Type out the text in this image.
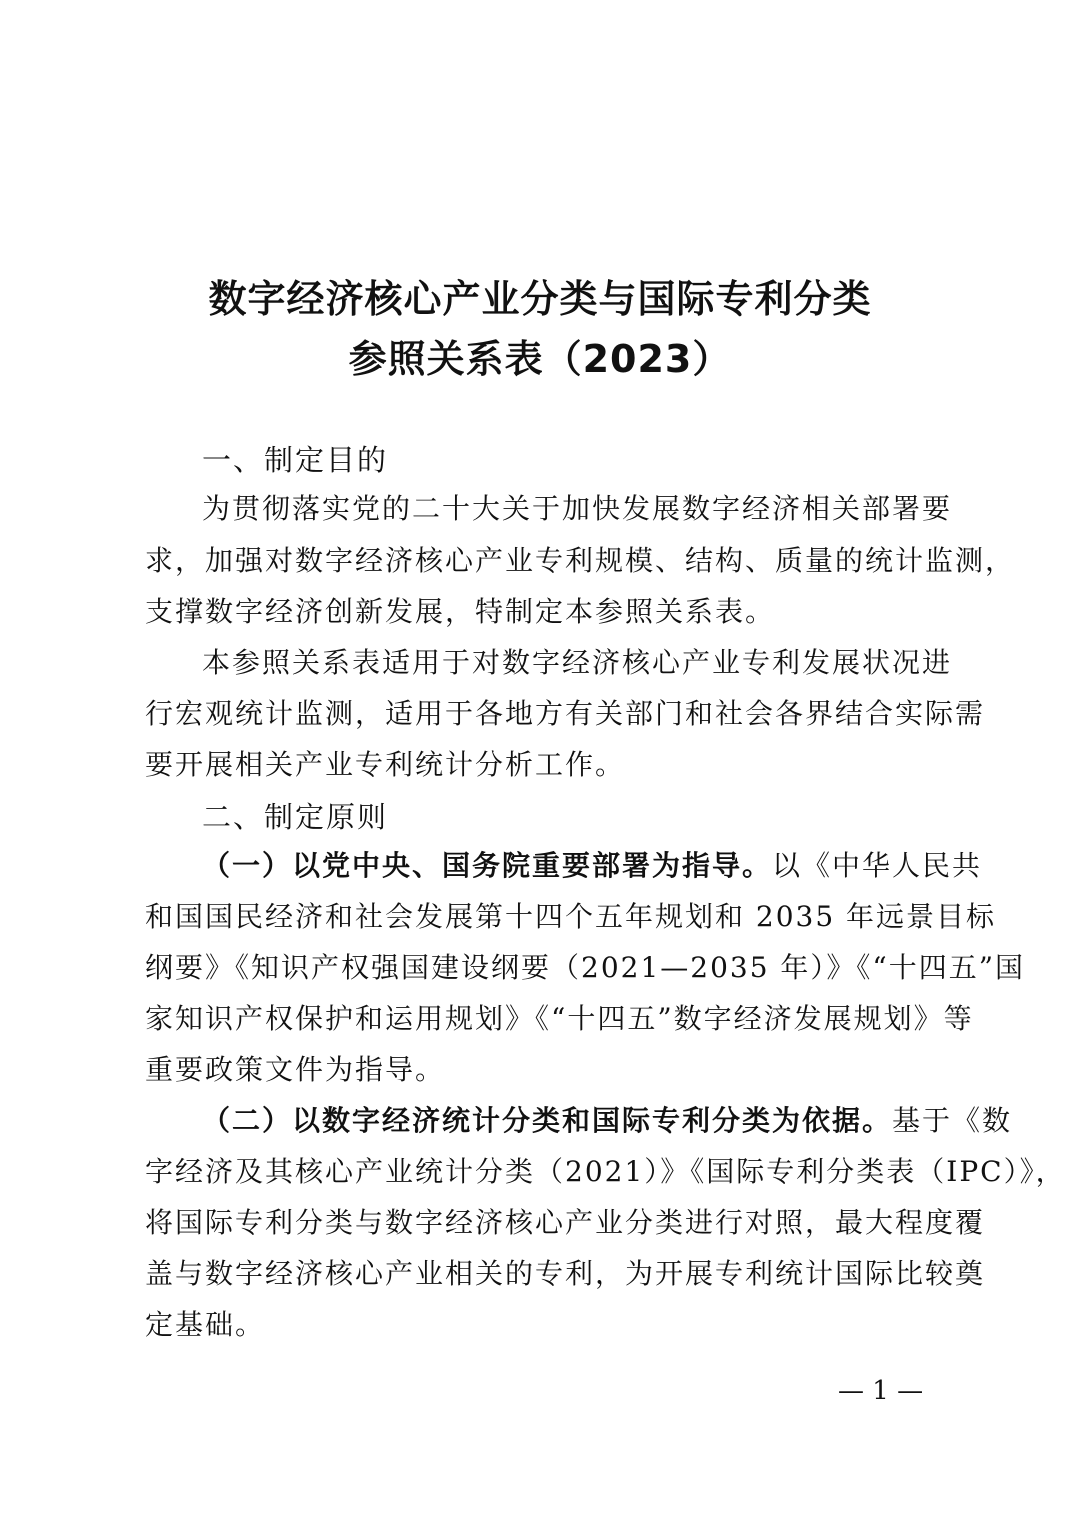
数字经济核心产业分类与国际专利分类
参照关系表（2023）
一、制定目的
为贯彻落实党的二十大关于加快发展数字经济相关部署要
求，加强对数字经济核心产业专利规模、结构、质量的统计监测，
支撑数字经济创新发展，特制定本参照关系表。
本参照关系表适用于对数字经济核心产业专利发展状况进
行宏观统计监测，适用于各地方有关部门和社会各界结合实际需
要开展相关产业专利统计分析工作。
二、制定原则
（一）以党中央、国务院重要部署为指导。以《中华人民共
和国国民经济和社会发展第十四个五年规划和 2035 年远景目标
纲要》《知识产权强国建设纲要（2021—2035 年）》《“十四五”国
家知识产权保护和运用规划》《“十四五”数字经济发展规划》等
重要政策文件为指导。
（二）以数字经济统计分类和国际专利分类为依据。基于《数
字经济及其核心产业统计分类（2021）》《国际专利分类表（IPC）》，
将国际专利分类与数字经济核心产业分类进行对照，最大程度覆
盖与数字经济核心产业相关的专利，为开展专利统计国际比较奠
定基础。
— 1 —
